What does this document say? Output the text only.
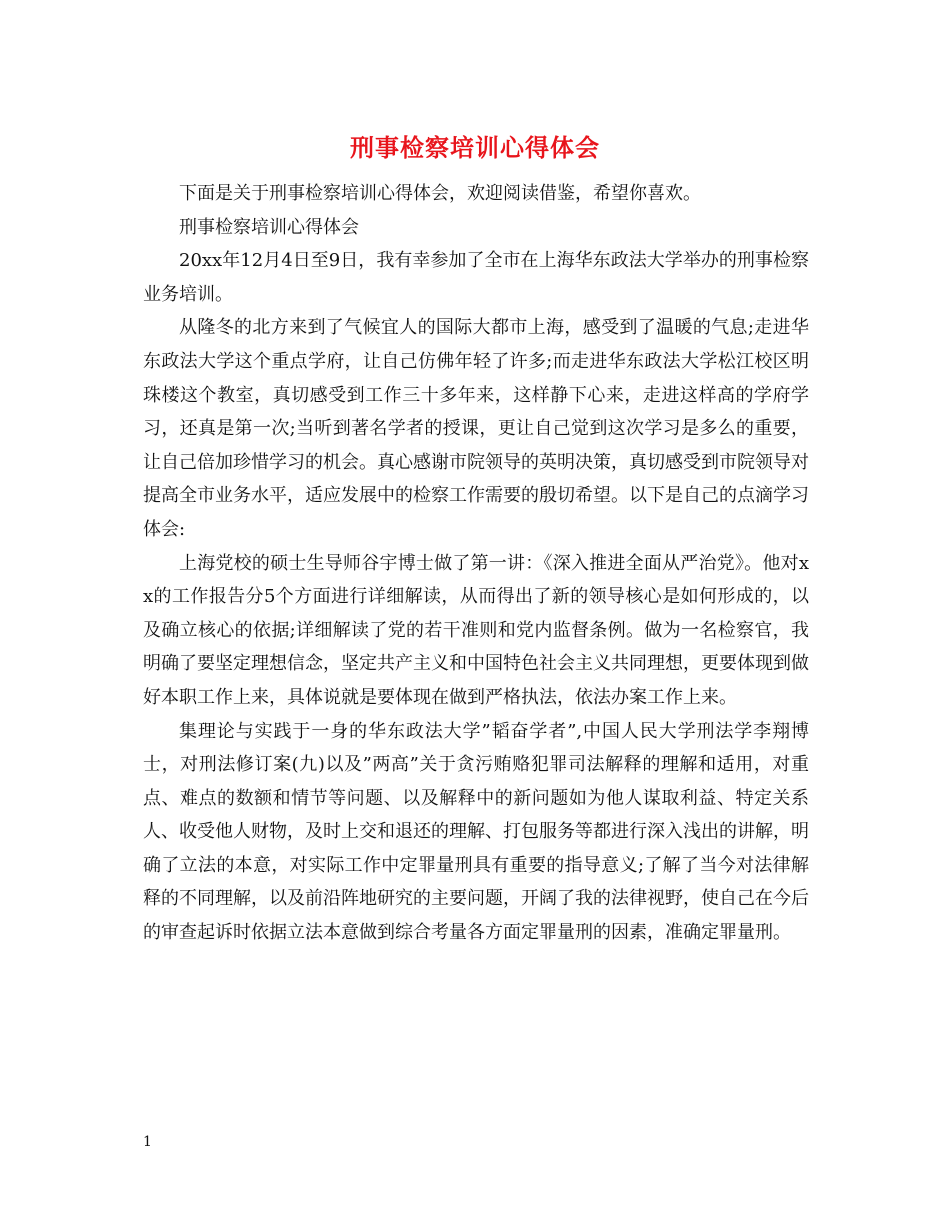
刑事检察培训心得体会

下面是关于刑事检察培训心得体会，欢迎阅读借鉴，希望你喜欢。

刑事检察培训心得体会

20xx年12月4日至9日，我有幸参加了全市在上海华东政法大学举办的刑事检察业务培训。

从隆冬的北方来到了气候宜人的国际大都市上海，感受到了温暖的气息;走进华东政法大学这个重点学府，让自己仿佛年轻了许多;而走进华东政法大学松江校区明珠楼这个教室，真切感受到工作三十多年来，这样静下心来，走进这样高的学府学习，还真是第一次;当听到著名学者的授课，更让自己觉到这次学习是多么的重要，让自己倍加珍惜学习的机会。真心感谢市院领导的英明决策，真切感受到市院领导对提高全市业务水平，适应发展中的检察工作需要的殷切希望。以下是自己的点滴学习体会:

上海党校的硕士生导师谷宇博士做了第一讲：《深入推进全面从严治党》。他对xx的工作报告分5个方面进行详细解读，从而得出了新的领导核心是如何形成的，以及确立核心的依据;详细解读了党的若干准则和党内监督条例。做为一名检察官，我明确了要坚定理想信念，坚定共产主义和中国特色社会主义共同理想，更要体现到做好本职工作上来，具体说就是要体现在做到严格执法，依法办案工作上来。

集理论与实践于一身的华东政法大学”韬奋学者”,中国人民大学刑法学李翔博士，对刑法修订案(九)以及”两高”关于贪污贿赂犯罪司法解释的理解和适用，对重点、难点的数额和情节等问题、以及解释中的新问题如为他人谋取利益、特定关系人、收受他人财物，及时上交和退还的理解、打包服务等都进行深入浅出的讲解，明确了立法的本意，对实际工作中定罪量刑具有重要的指导意义;了解了当今对法律解释的不同理解，以及前沿阵地研究的主要问题，开阔了我的法律视野，使自己在今后的审查起诉时依据立法本意做到综合考量各方面定罪量刑的因素，准确定罪量刑。

1
